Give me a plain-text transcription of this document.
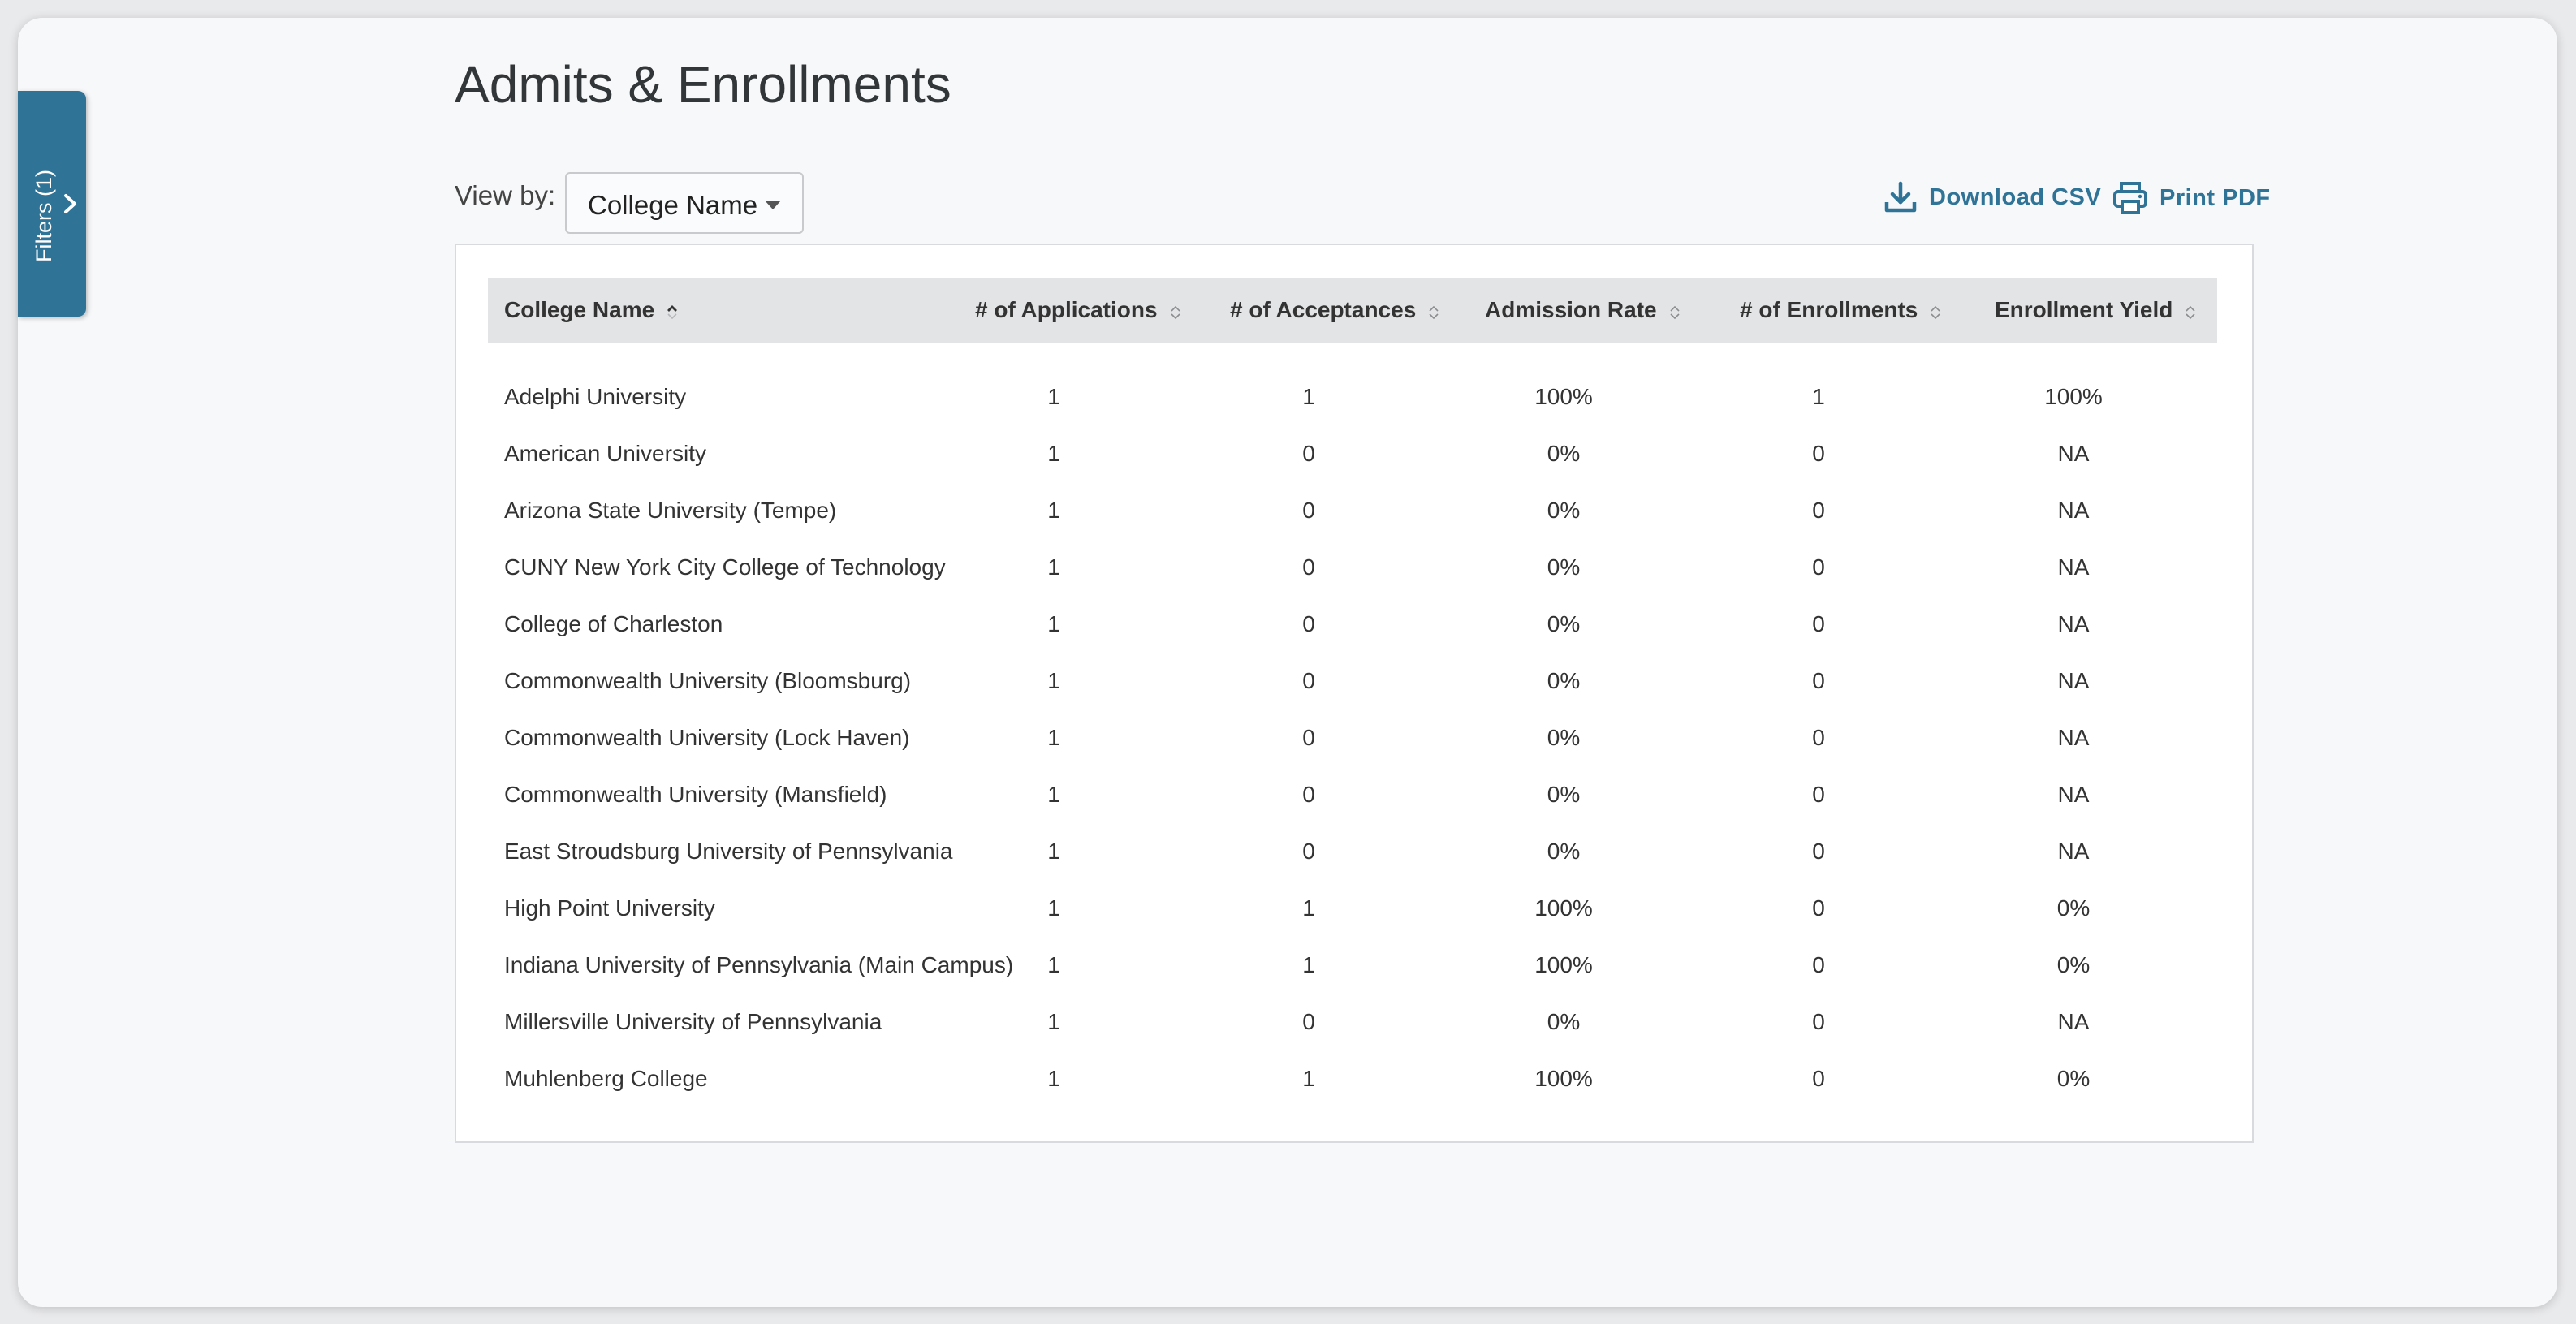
Filters (1)
Admits & Enrollments
View by: College Name	Download CSV Print PDF
College Name	# of Applications	# of Acceptances	Admission Rate	# of Enrollments	Enrollment Yield
Adelphi University	1	1	100%	1	100%
American University	1	0	0%	0	NA
Arizona State University (Tempe)	1	0	0%	0	NA
CUNY New York City College of Technology	1	0	0%	0	NA
College of Charleston	1	0	0%	0	NA
Commonwealth University (Bloomsburg)	1	0	0%	0	NA
Commonwealth University (Lock Haven)	1	0	0%	0	NA
Commonwealth University (Mansfield)	1	0	0%	0	NA
East Stroudsburg University of Pennsylvania	1	0	0%	0	NA
High Point University	1	1	100%	0	0%
Indiana University of Pennsylvania (Main Campus)	1	1	100%	0	0%
Millersville University of Pennsylvania	1	0	0%	0	NA
Muhlenberg College	1	1	100%	0	0%
